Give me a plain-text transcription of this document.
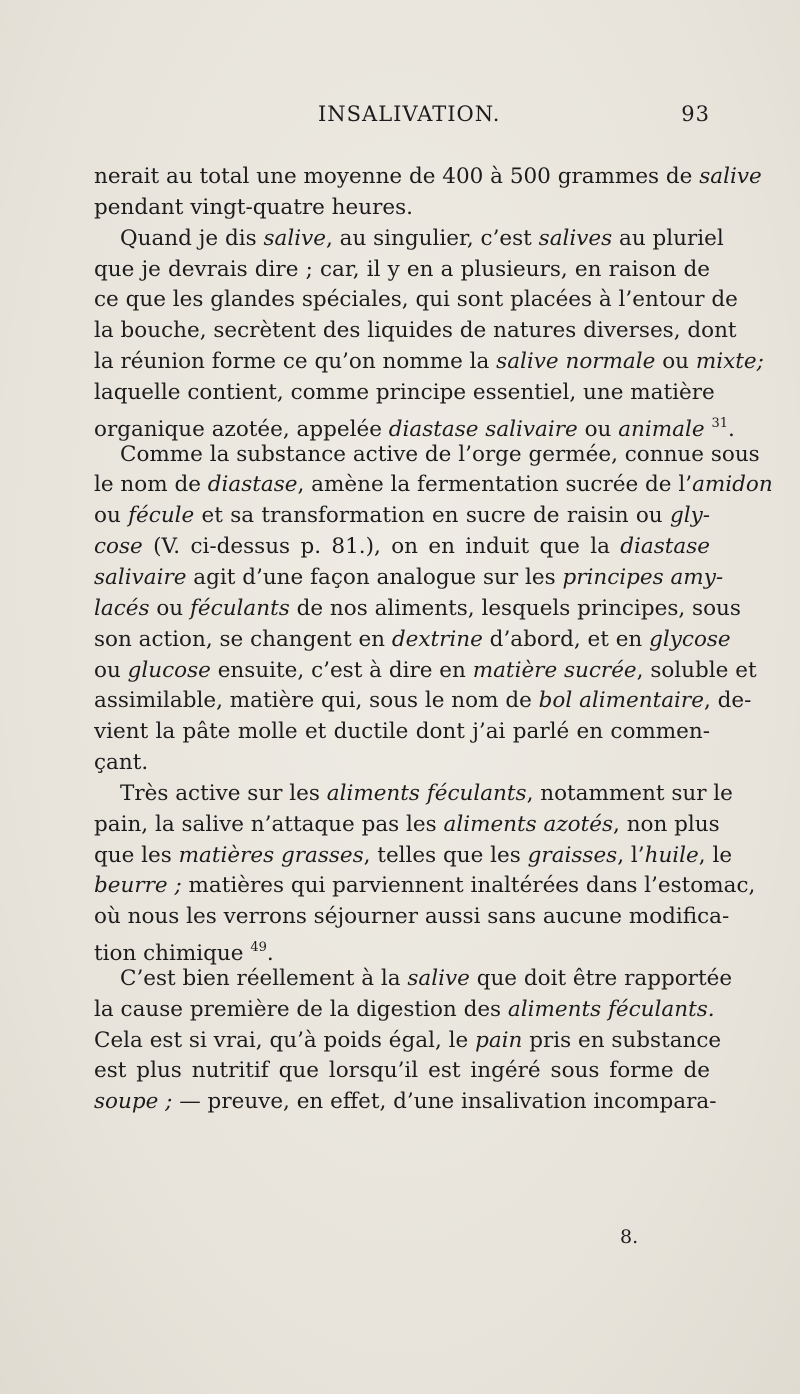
INSALIVATION.	93
nerait au total une moyenne de 400 à 500 grammes de salive
pendant vingt-quatre heures.
Quand je dis salive, au singulier, c’est salives au pluriel
que je devrais dire ; car, il y en a plusieurs, en raison de
ce que les glandes spéciales, qui sont placées à l’entour de
la bouche, secrètent des liquides de natures diverses, dont
la réunion forme ce qu’on nomme la salive normale ou mixte;
laquelle contient, comme principe essentiel, une matière
organique azotée, appelée diastase salivaire ou animale $^{31}$.
Comme la substance active de l’orge germée, connue sous
le nom de diastase, amène la fermentation sucrée de l’amidon
ou fécule et sa transformation en sucre de raisin ou gly-
cose (V. ci-dessus p. 81.), on en induit que la diastase
salivaire agit d’une façon analogue sur les principes amy-
lacés ou féculants de nos aliments, lesquels principes, sous
son action, se changent en dextrine d’abord, et en glycose
ou glucose ensuite, c’est à dire en matière sucrée, soluble et
assimilable, matière qui, sous le nom de bol alimentaire, de-
vient la pâte molle et ductile dont j’ai parlé en commen-
çant.
Très active sur les aliments féculants, notamment sur le
pain, la salive n’attaque pas les aliments azotés, non plus
que les matières grasses, telles que les graisses, l’huile, le
beurre ; matières qui parviennent inaltérées dans l’estomac,
où nous les verrons séjourner aussi sans aucune modifica-
tion chimique $^{49}$.
C’est bien réellement à la salive que doit être rapportée
la cause première de la digestion des aliments féculants.
Cela est si vrai, qu’à poids égal, le pain pris en substance
est plus nutritif que lorsqu’il est ingéré sous forme de
soupe ; — preuve, en effet, d’une insalivation incompara-
8.
